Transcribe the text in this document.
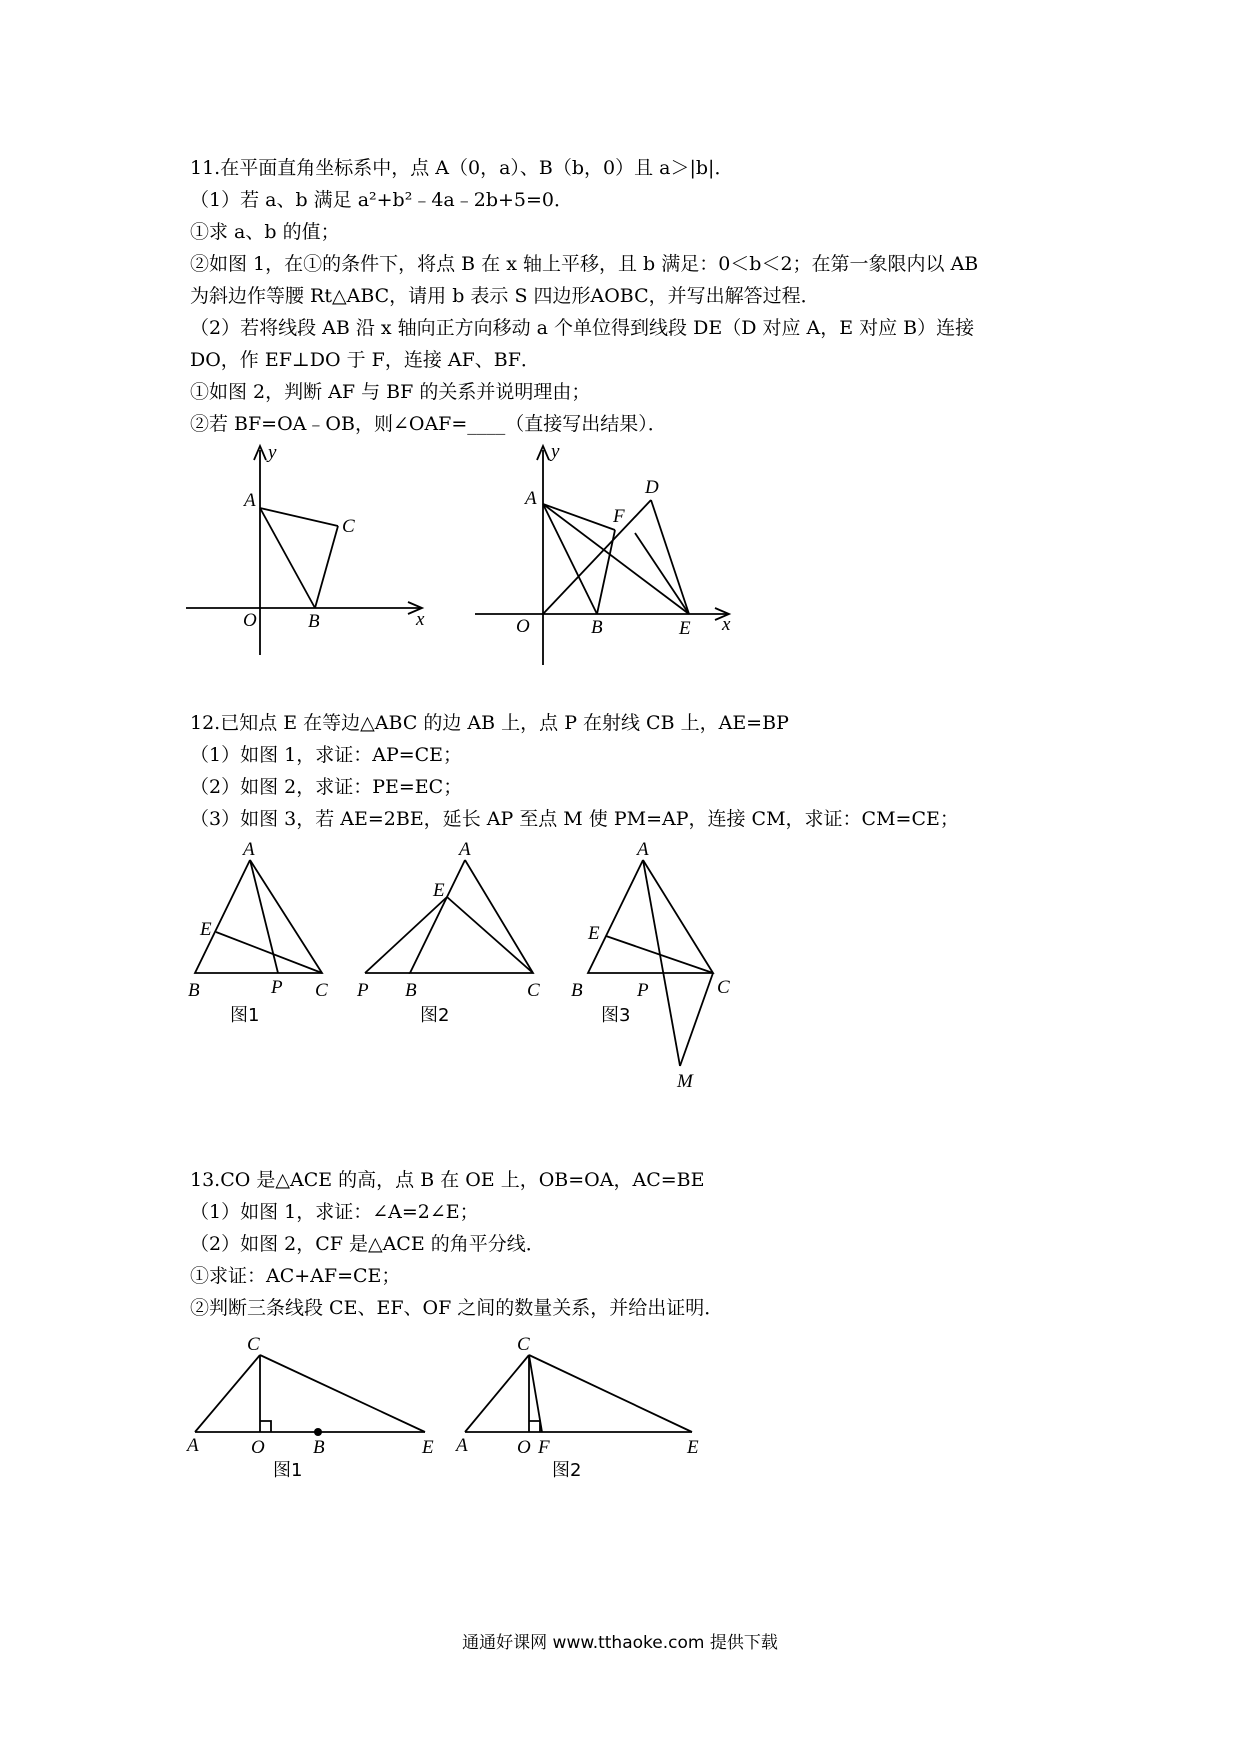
11.在平面直角坐标系中，点 A（0，a）、B（b，0）且 a＞|b|．
（1）若 a、b 满足 a²+b²﹣4a﹣2b+5=0．
①求 a、b 的值；
②如图 1，在①的条件下，将点 B 在 x 轴上平移，且 b 满足：0＜b＜2；在第一象限内以 AB
为斜边作等腰 Rt△ABC，请用 b 表示 S 四边形AOBC，并写出解答过程．
（2）若将线段 AB 沿 x 轴向正方向移动 a 个单位得到线段 DE（D 对应 A，E 对应 B）连接
DO，作 EF⊥DO 于 F，连接 AF、BF．
①如图 2，判断 AF 与 BF 的关系并说明理由；
②若 BF=OA﹣OB，则∠OAF=____（直接写出结果）．
A
C
B
O	x
y
A
D
F
B	E
O	x
y
12.已知点 E 在等边△ABC 的边 AB 上，点 P 在射线 CB 上，AE=BP
（1）如图 1，求证：AP=CE；
（2）如图 2，求证：PE=EC；
（3）如图 3，若 AE=2BE，延长 AP 至点 M 使 PM=AP，连接 CM，求证：CM=CE；
A
E
B	P C
图1
A
E
P B	C
图2
A
E
B	P	C
M
图3
13.CO 是△ACE 的高，点 B 在 OE 上，OB=OA，AC=BE
（1）如图 1，求证：∠A=2∠E；
（2）如图 2，CF 是△ACE 的角平分线．
①求证：AC+AF=CE；
②判断三条线段 CE、EF、OF 之间的数量关系，并给出证明．
C
A	O	B	E
图1
C
A	O F	E
图2
通通好课网 www.tthaoke.com 提供下载
